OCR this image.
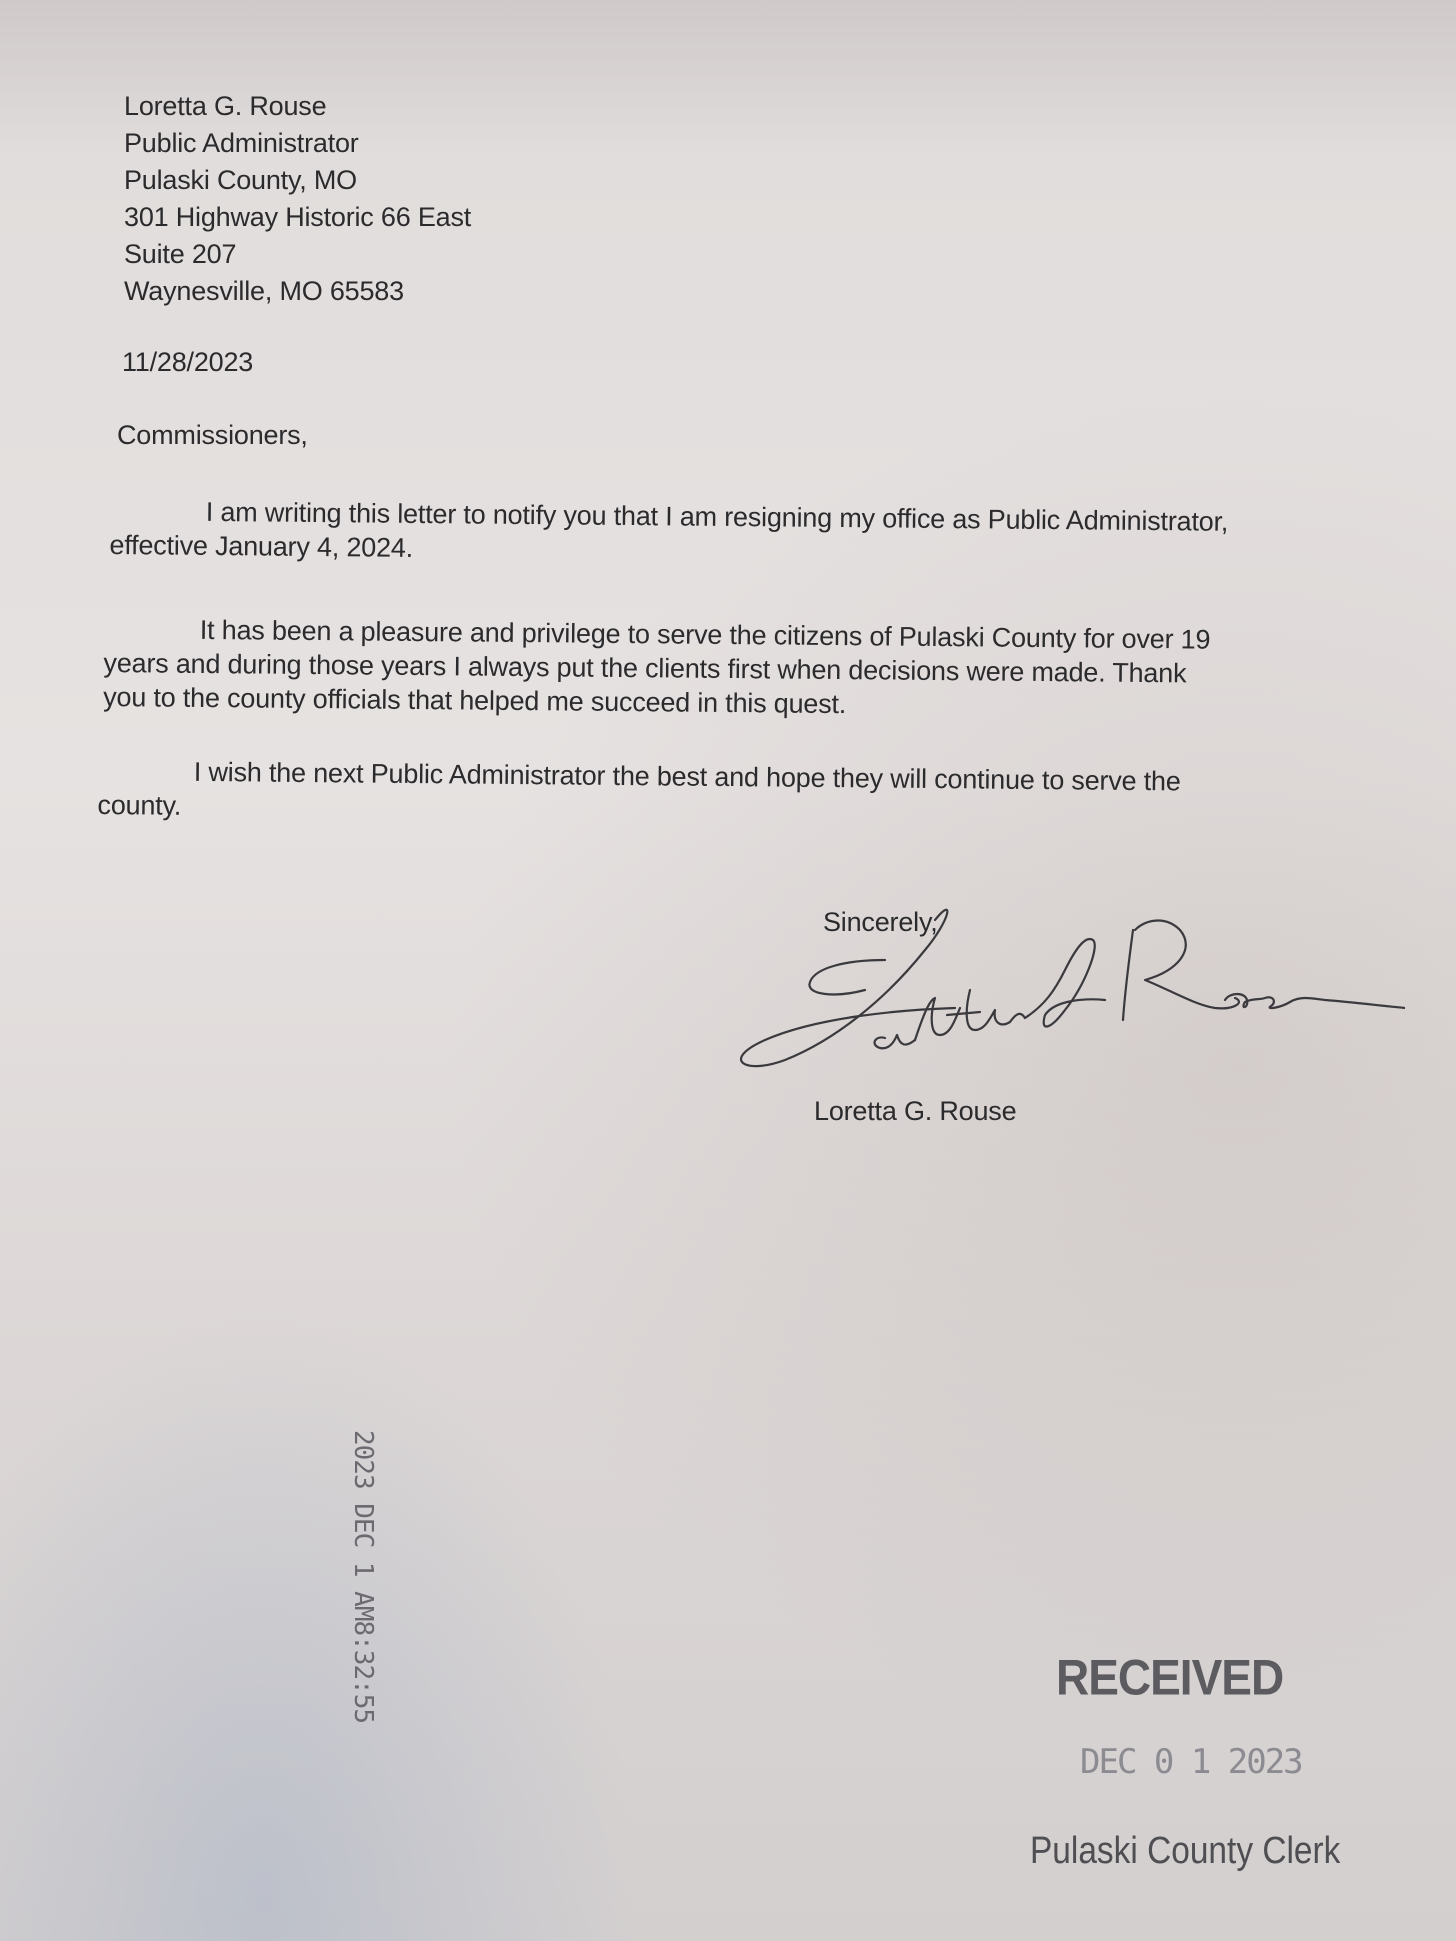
Loretta G. Rouse
Public Administrator
Pulaski County, MO
301 Highway Historic 66 East
Suite 207
Waynesville, MO 65583
11/28/2023
Commissioners,
I am writing this letter to notify you that I am resigning my office as Public Administrator,
effective January 4, 2024.
It has been a pleasure and privilege to serve the citizens of Pulaski County for over 19
years and during those years I always put the clients first when decisions were made. Thank
you to the county officials that helped me succeed in this quest.
I wish the next Public Administrator the best and hope they will continue to serve the
county.
Sincerely,
Loretta G. Rouse
2023 DEC 1 AM8:32:55	RECEIVED
DEC 0 1 2023
Pulaski County Clerk
